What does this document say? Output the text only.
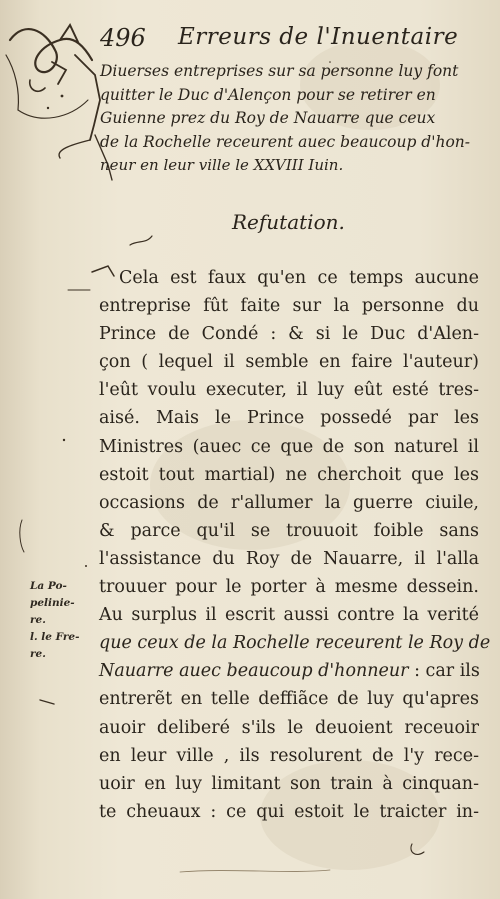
496 Erreurs de l'Inuentaire
Diuerses entreprises sur sa personne luy font
quitter le Duc d'Alençon pour se retirer en
Guienne prez du Roy de Nauarre que ceux
de la Rochelle receurent auec beaucoup d'hon-
neur en leur ville le XXVIII Iuin.
Refutation.
Cela est faux qu'en ce temps aucune
entreprise fût faite sur la personne du
Prince de Condé : & si le Duc d'Alen-
çon ( lequel il semble en faire l'auteur)
l'eût voulu executer, il luy eût esté tres-
aisé. Mais le Prince possedé par les
Ministres (auec ce que de son naturel il
estoit tout martial) ne cherchoit que les
occasions de r'allumer la guerre ciuile,
& parce qu'il se trouuoit foible sans
l'assistance du Roy de Nauarre, il l'alla
trouuer pour le porter à mesme dessein.
Au surplus il escrit aussi contre la verité
que ceux de la Rochelle receurent le Roy de
Nauarre auec beaucoup d'honneur : car ils
entrerẽt en telle deffiãce de luy qu'apres
auoir deliberé s'ils le deuoient receuoir
en leur ville , ils resolurent de l'y rece-
uoir en luy limitant son train à cinquan-
te cheuaux : ce qui estoit le traicter in-
La Po-
pelinie-
re.
l. le Fre-
re.
